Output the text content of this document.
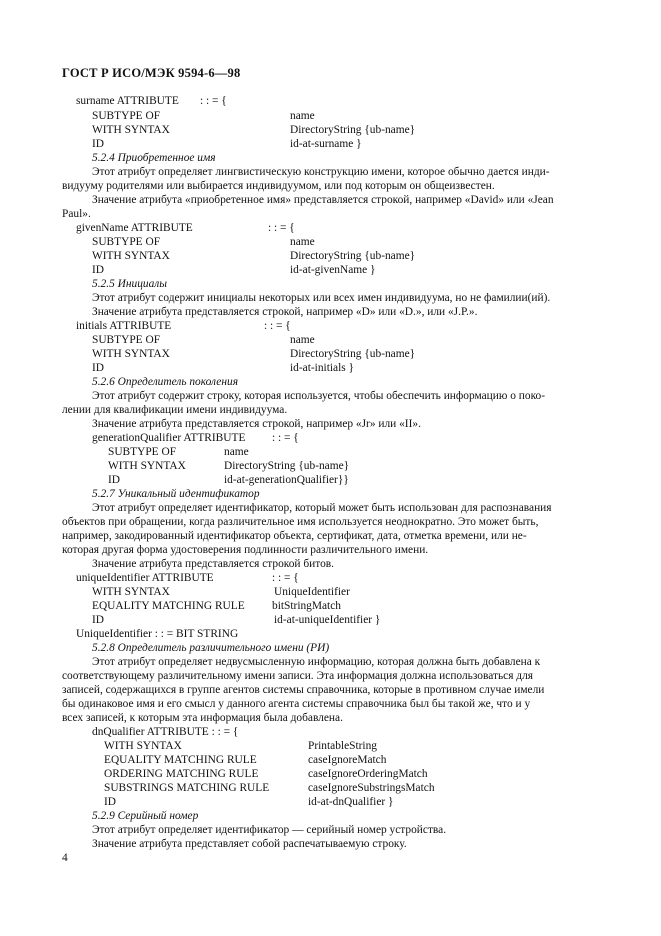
ГОСТ Р ИСО/МЭК 9594-6—98
surname ATTRIBUTE : : = {
SUBTYPE OF	name
WITH SYNTAX	DirectoryString {ub-name}
ID	id-at-surname }
5.2.4 Приобретенное имя
Этот атрибут определяет лингвистическую конструкцию имени, которое обычно дается инди-
видууму родителями или выбирается индивидуумом, или под которым он общеизвестен.
Значение атрибута «приобретенное имя» представляется строкой, например «David» или «Jean
Paul».
givenName ATTRIBUTE	: : = {
SUBTYPE OF	name
WITH SYNTAX	DirectoryString {ub-name}
ID	id-at-givenName }
5.2.5 Инициалы
Этот атрибут содержит инициалы некоторых или всех имен индивидуума, но не фамилии(ий).
Значение атрибута представляется строкой, например «D» или «D.», или «J.P.».
initials ATTRIBUTE	: : = {
SUBTYPE OF	name
WITH SYNTAX	DirectoryString {ub-name}
ID	id-at-initials }
5.2.6 Определитель поколения
Этот атрибут содержит строку, которая используется, чтобы обеспечить информацию о поко-
лении для квалификации имени индивидуума.
Значение атрибута представляется строкой, например «Jr» или «II».
generationQualifier ATTRIBUTE : : = {
SUBTYPE OF	name
WITH SYNTAX	DirectoryString {ub-name}
ID	id-at-generationQualifier}}
5.2.7 Уникальный идентификатор
Этот атрибут определяет идентификатор, который может быть использован для распознавания
объектов при обращении, когда различительное имя используется неоднократно. Это может быть,
например, закодированный идентификатор объекта, сертификат, дата, отметка времени, или не-
которая другая форма удостоверения подлинности различительного имени.
Значение атрибута представляется строкой битов.
uniqueIdentifier ATTRIBUTE	: : = {
WITH SYNTAX	UniqueIdentifier
EQUALITY MATCHING RULE bitStringMatch
ID	id-at-uniqueIdentifier }
UniqueIdentifier : : = BIT STRING
5.2.8 Определитель различительного имени (РИ)
Этот атрибут определяет недвусмысленную информацию, которая должна быть добавлена к
соответствующему различительному имени записи. Эта информация должна использоваться для
записей, содержащихся в группе агентов системы справочника, которые в противном случае имели
бы одинаковое имя и его смысл у данного агента системы справочника был бы такой же, что и у
всех записей, к которым эта информация была добавлена.
dnQualifier ATTRIBUTE : : = {
WITH SYNTAX	PrintableString
EQUALITY MATCHING RULE	caseIgnoreMatch
ORDERING MATCHING RULE	caseIgnoreOrderingMatch
SUBSTRINGS MATCHING RULE	caseIgnoreSubstringsMatch
ID	id-at-dnQualifier }
5.2.9 Серийный номер
Этот атрибут определяет идентификатор — серийный номер устройства.
Значение атрибута представляет собой распечатываемую строку.
4
